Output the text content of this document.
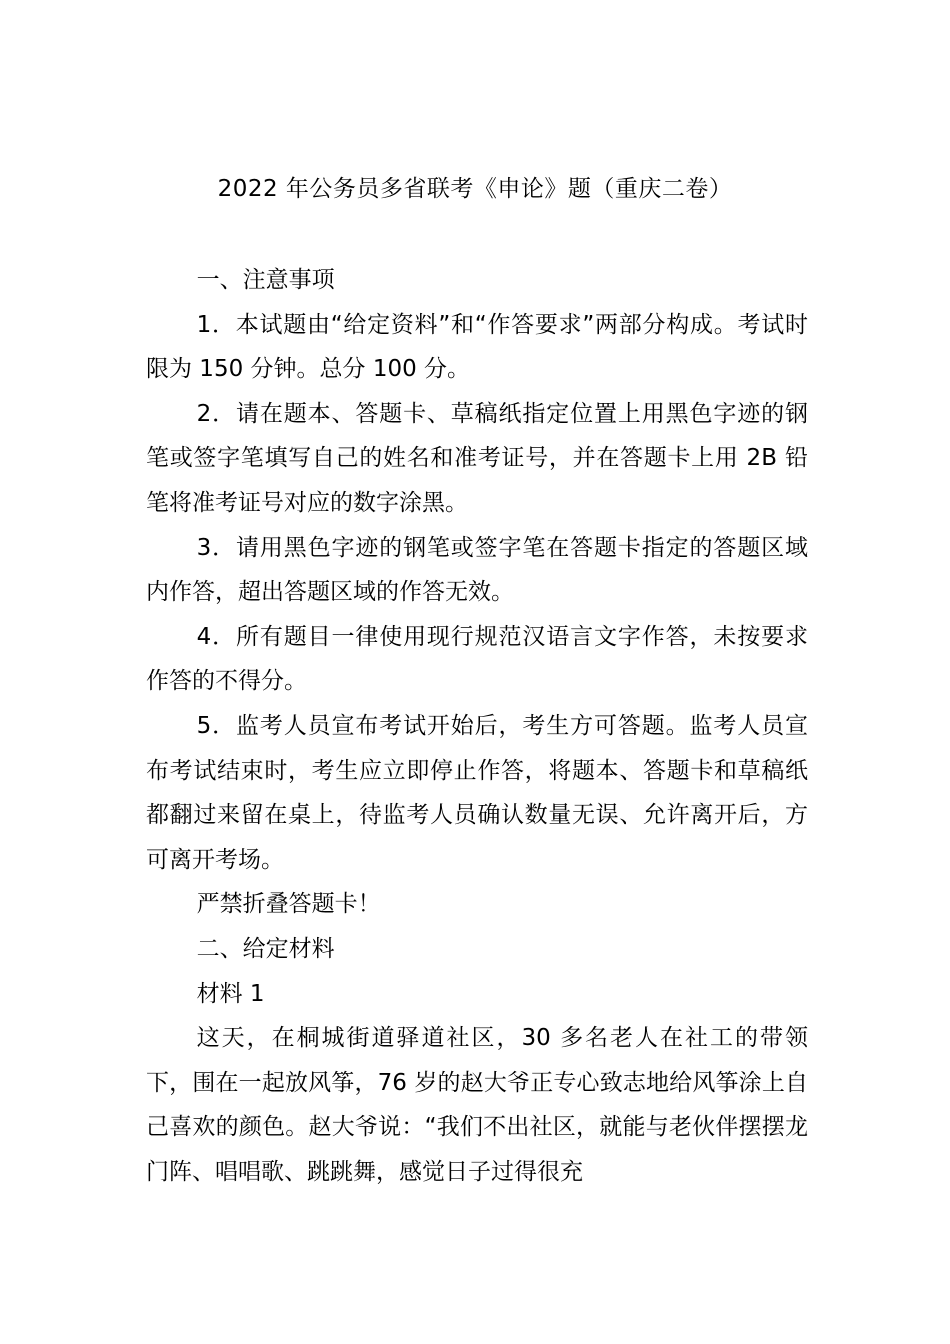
2022 年公务员多省联考《申论》题（重庆二卷）

一、注意事项

1．本试题由“给定资料”和“作答要求”两部分构成。考试时限为 150 分钟。总分 100 分。

2．请在题本、答题卡、草稿纸指定位置上用黑色字迹的钢笔或签字笔填写自己的姓名和准考证号，并在答题卡上用 2B 铅笔将准考证号对应的数字涂黑。

3．请用黑色字迹的钢笔或签字笔在答题卡指定的答题区域内作答，超出答题区域的作答无效。

4．所有题目一律使用现行规范汉语言文字作答，未按要求作答的不得分。

5．监考人员宣布考试开始后，考生方可答题。监考人员宣布考试结束时，考生应立即停止作答，将题本、答题卡和草稿纸都翻过来留在桌上，待监考人员确认数量无误、允许离开后，方可离开考场。

严禁折叠答题卡！

二、给定材料

材料 1

这天，在桐城街道驿道社区，30 多名老人在社工的带领下，围在一起放风筝，76 岁的赵大爷正专心致志地给风筝涂上自己喜欢的颜色。赵大爷说：“我们不出社区，就能与老伙伴摆摆龙门阵、唱唱歌、跳跳舞，感觉日子过得很充
